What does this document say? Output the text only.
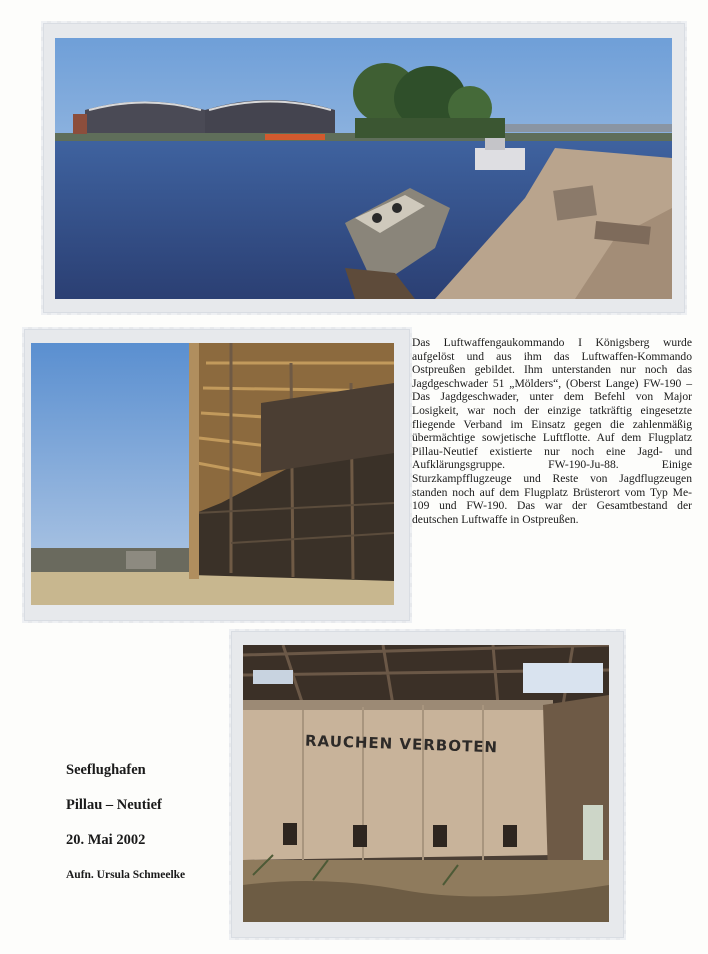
Das Luftwaffengaukommando I Königsberg wurde aufgelöst und aus ihm das Luftwaffen-Kommando Ostpreußen gebildet. Ihm unterstanden nur noch das Jagdgeschwader 51 „Mölders“, (Oberst Lange) FW-190 – Das Jagdgeschwader, unter dem Befehl von Major Losigkeit, war noch der einzige tatkräftig eingesetzte fliegende Verband im Einsatz gegen die zahlenmäßig übermächtige sowjetische Luftflotte. Auf dem Flugplatz Pillau-Neutief existierte nur noch eine Jagd- und Aufklärungsgruppe. FW-190-Ju-88. Einige Sturzkampfflugzeuge und Reste von Jagdflugzeugen standen noch auf dem Flugplatz Brüsterort vom Typ Me-109 und FW-190. Das war der Gesamtbestand der deutschen Luftwaffe in Ostpreußen.

RAUCHEN VERBOTEN

Seeflughafen

Pillau – Neutief

20. Mai 2002

Aufn. Ursula Schmeelke
